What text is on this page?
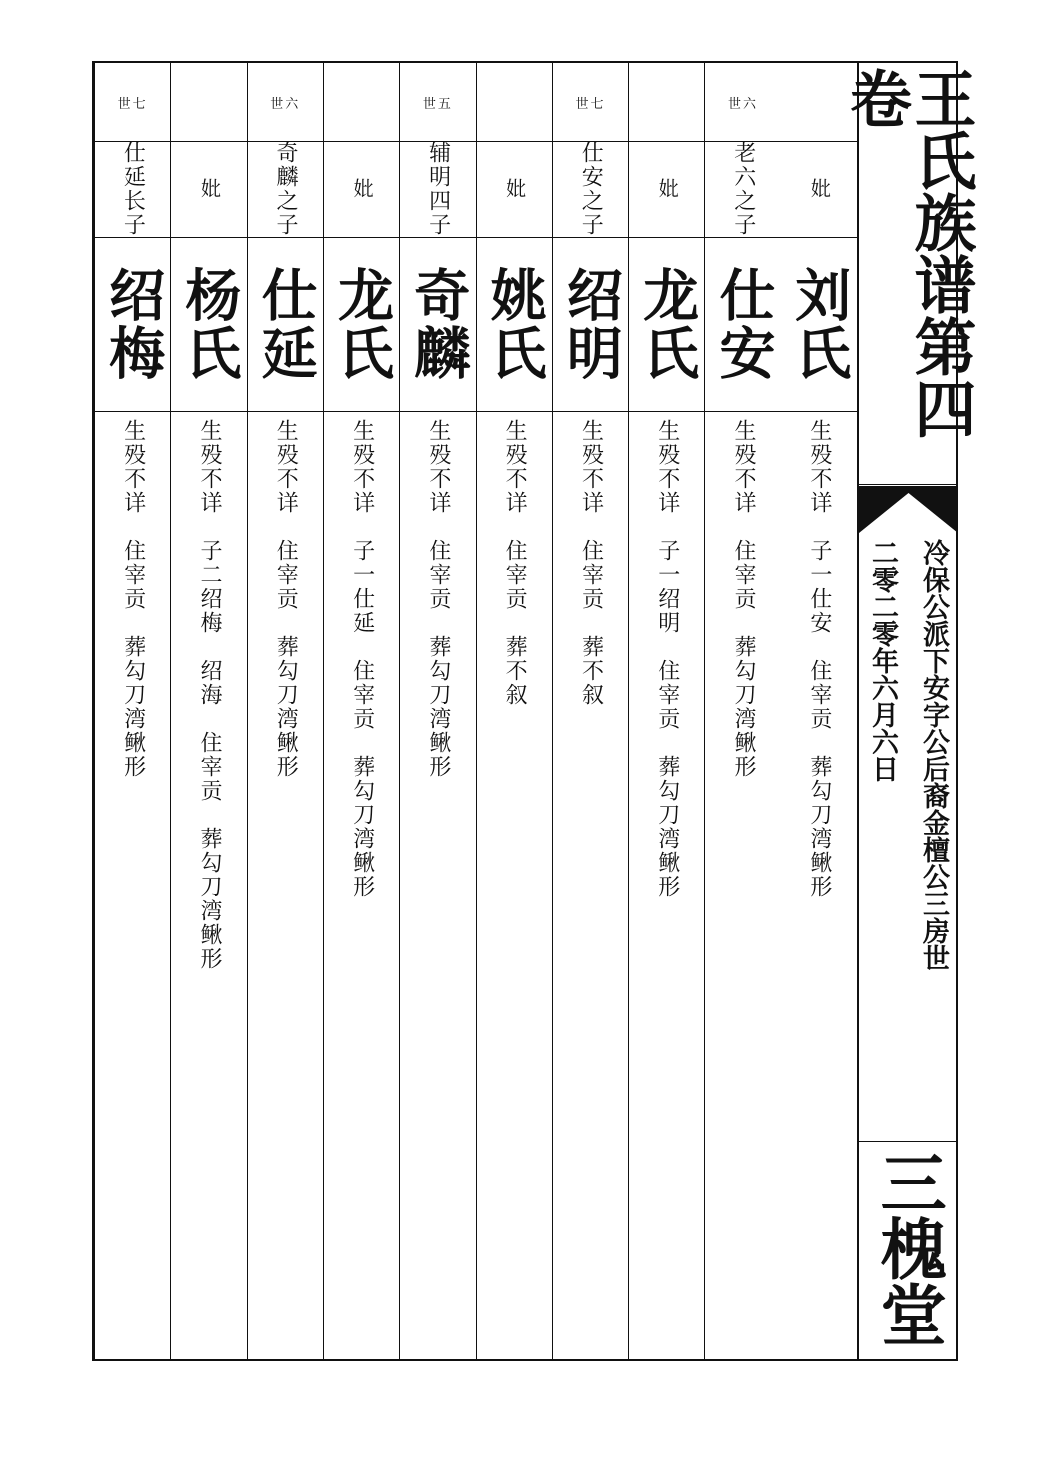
妣
刘氏
生殁不详　子一仕安　住宰贡　葬勾刀湾鳅形
世六
老六之子
仕安
生殁不详　住宰贡　葬勾刀湾鳅形
妣
龙氏
生殁不详　子一绍明　住宰贡　葬勾刀湾鳅形
世七
仕安之子
绍明
生殁不详　住宰贡　葬不叙
妣
姚氏
生殁不详　住宰贡　葬不叙
世五
辅明四子
奇麟
生殁不详　住宰贡　葬勾刀湾鳅形
妣
龙氏
生殁不详　子一仕延　住宰贡　葬勾刀湾鳅形
世六
奇麟之子
仕延
生殁不详　住宰贡　葬勾刀湾鳅形
妣
杨氏
生殁不详　子二绍梅　绍海　住宰贡　葬勾刀湾鳅形
世七
仕延长子
绍梅
生殁不详　住宰贡　葬勾刀湾鳅形
王氏族谱第四卷
冷保公派下安字公后裔金檀公三房世
二零二零年六月六日
三槐堂
